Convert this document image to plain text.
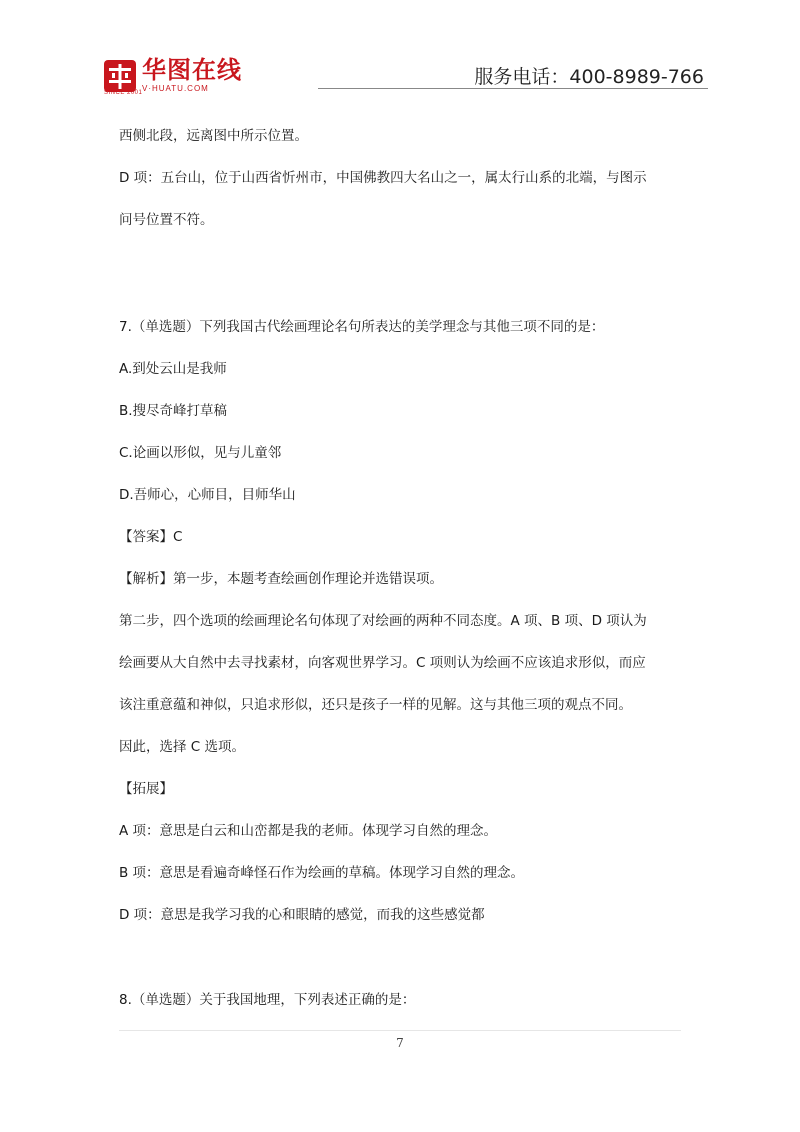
华图在线
V·HUATU.COM
SINCE 2001
服务电话：400-8989-766
西侧北段，远离图中所示位置。
D 项：五台山，位于山西省忻州市，中国佛教四大名山之一，属太行山系的北端，与图示
问号位置不符。
7.（单选题）下列我国古代绘画理论名句所表达的美学理念与其他三项不同的是：
A.到处云山是我师
B.搜尽奇峰打草稿
C.论画以形似，见与儿童邻
D.吾师心，心师目，目师华山
【答案】C
【解析】第一步，本题考查绘画创作理论并选错误项。
第二步，四个选项的绘画理论名句体现了对绘画的两种不同态度。A 项、B 项、D 项认为
绘画要从大自然中去寻找素材，向客观世界学习。C 项则认为绘画不应该追求形似，而应
该注重意蕴和神似，只追求形似，还只是孩子一样的见解。这与其他三项的观点不同。
因此，选择 C 选项。
【拓展】
A 项：意思是白云和山峦都是我的老师。体现学习自然的理念。
B 项：意思是看遍奇峰怪石作为绘画的草稿。体现学习自然的理念。
D 项：意思是我学习我的心和眼睛的感觉，而我的这些感觉都
8.（单选题）关于我国地理，下列表述正确的是：
7
